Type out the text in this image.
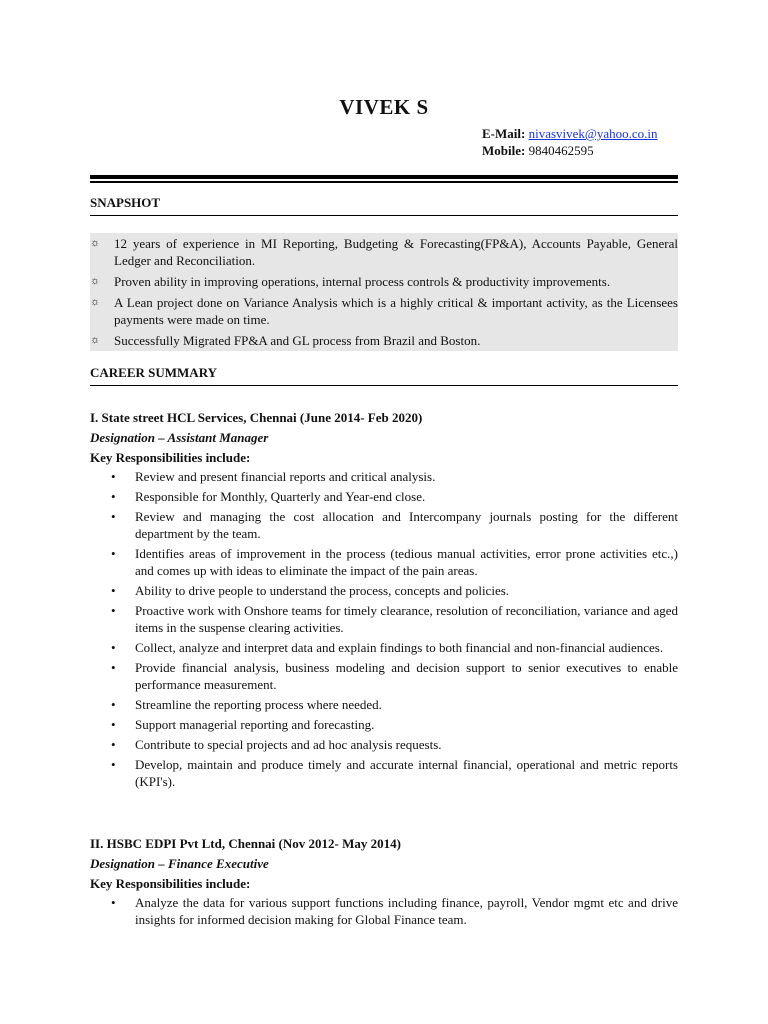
VIVEK S
E-Mail: nivasvivek@yahoo.co.in
Mobile: 9840462595
SNAPSHOT
☼ 12 years of experience in MI Reporting, Budgeting & Forecasting(FP&A), Accounts Payable, General Ledger and Reconciliation.
☼ Proven ability in improving operations, internal process controls & productivity improvements.
☼ A Lean project done on Variance Analysis which is a highly critical & important activity, as the Licensees payments were made on time.
☼ Successfully Migrated FP&A and GL process from Brazil and Boston.
CAREER SUMMARY
I. State street HCL Services, Chennai (June 2014- Feb 2020)
Designation – Assistant Manager
Key Responsibilities include:
• Review and present financial reports and critical analysis.
• Responsible for Monthly, Quarterly and Year-end close.
• Review and managing the cost allocation and Intercompany journals posting for the different department by the team.
• Identifies areas of improvement in the process (tedious manual activities, error prone activities etc.,) and comes up with ideas to eliminate the impact of the pain areas.
• Ability to drive people to understand the process, concepts and policies.
• Proactive work with Onshore teams for timely clearance, resolution of reconciliation, variance and aged items in the suspense clearing activities.
• Collect, analyze and interpret data and explain findings to both financial and non-financial audiences.
• Provide financial analysis, business modeling and decision support to senior executives to enable performance measurement.
• Streamline the reporting process where needed.
• Support managerial reporting and forecasting.
• Contribute to special projects and ad hoc analysis requests.
• Develop, maintain and produce timely and accurate internal financial, operational and metric reports (KPI's).
II. HSBC EDPI Pvt Ltd, Chennai (Nov 2012- May 2014)
Designation – Finance Executive
Key Responsibilities include:
• Analyze the data for various support functions including finance, payroll, Vendor mgmt etc and drive insights for informed decision making for Global Finance team.
